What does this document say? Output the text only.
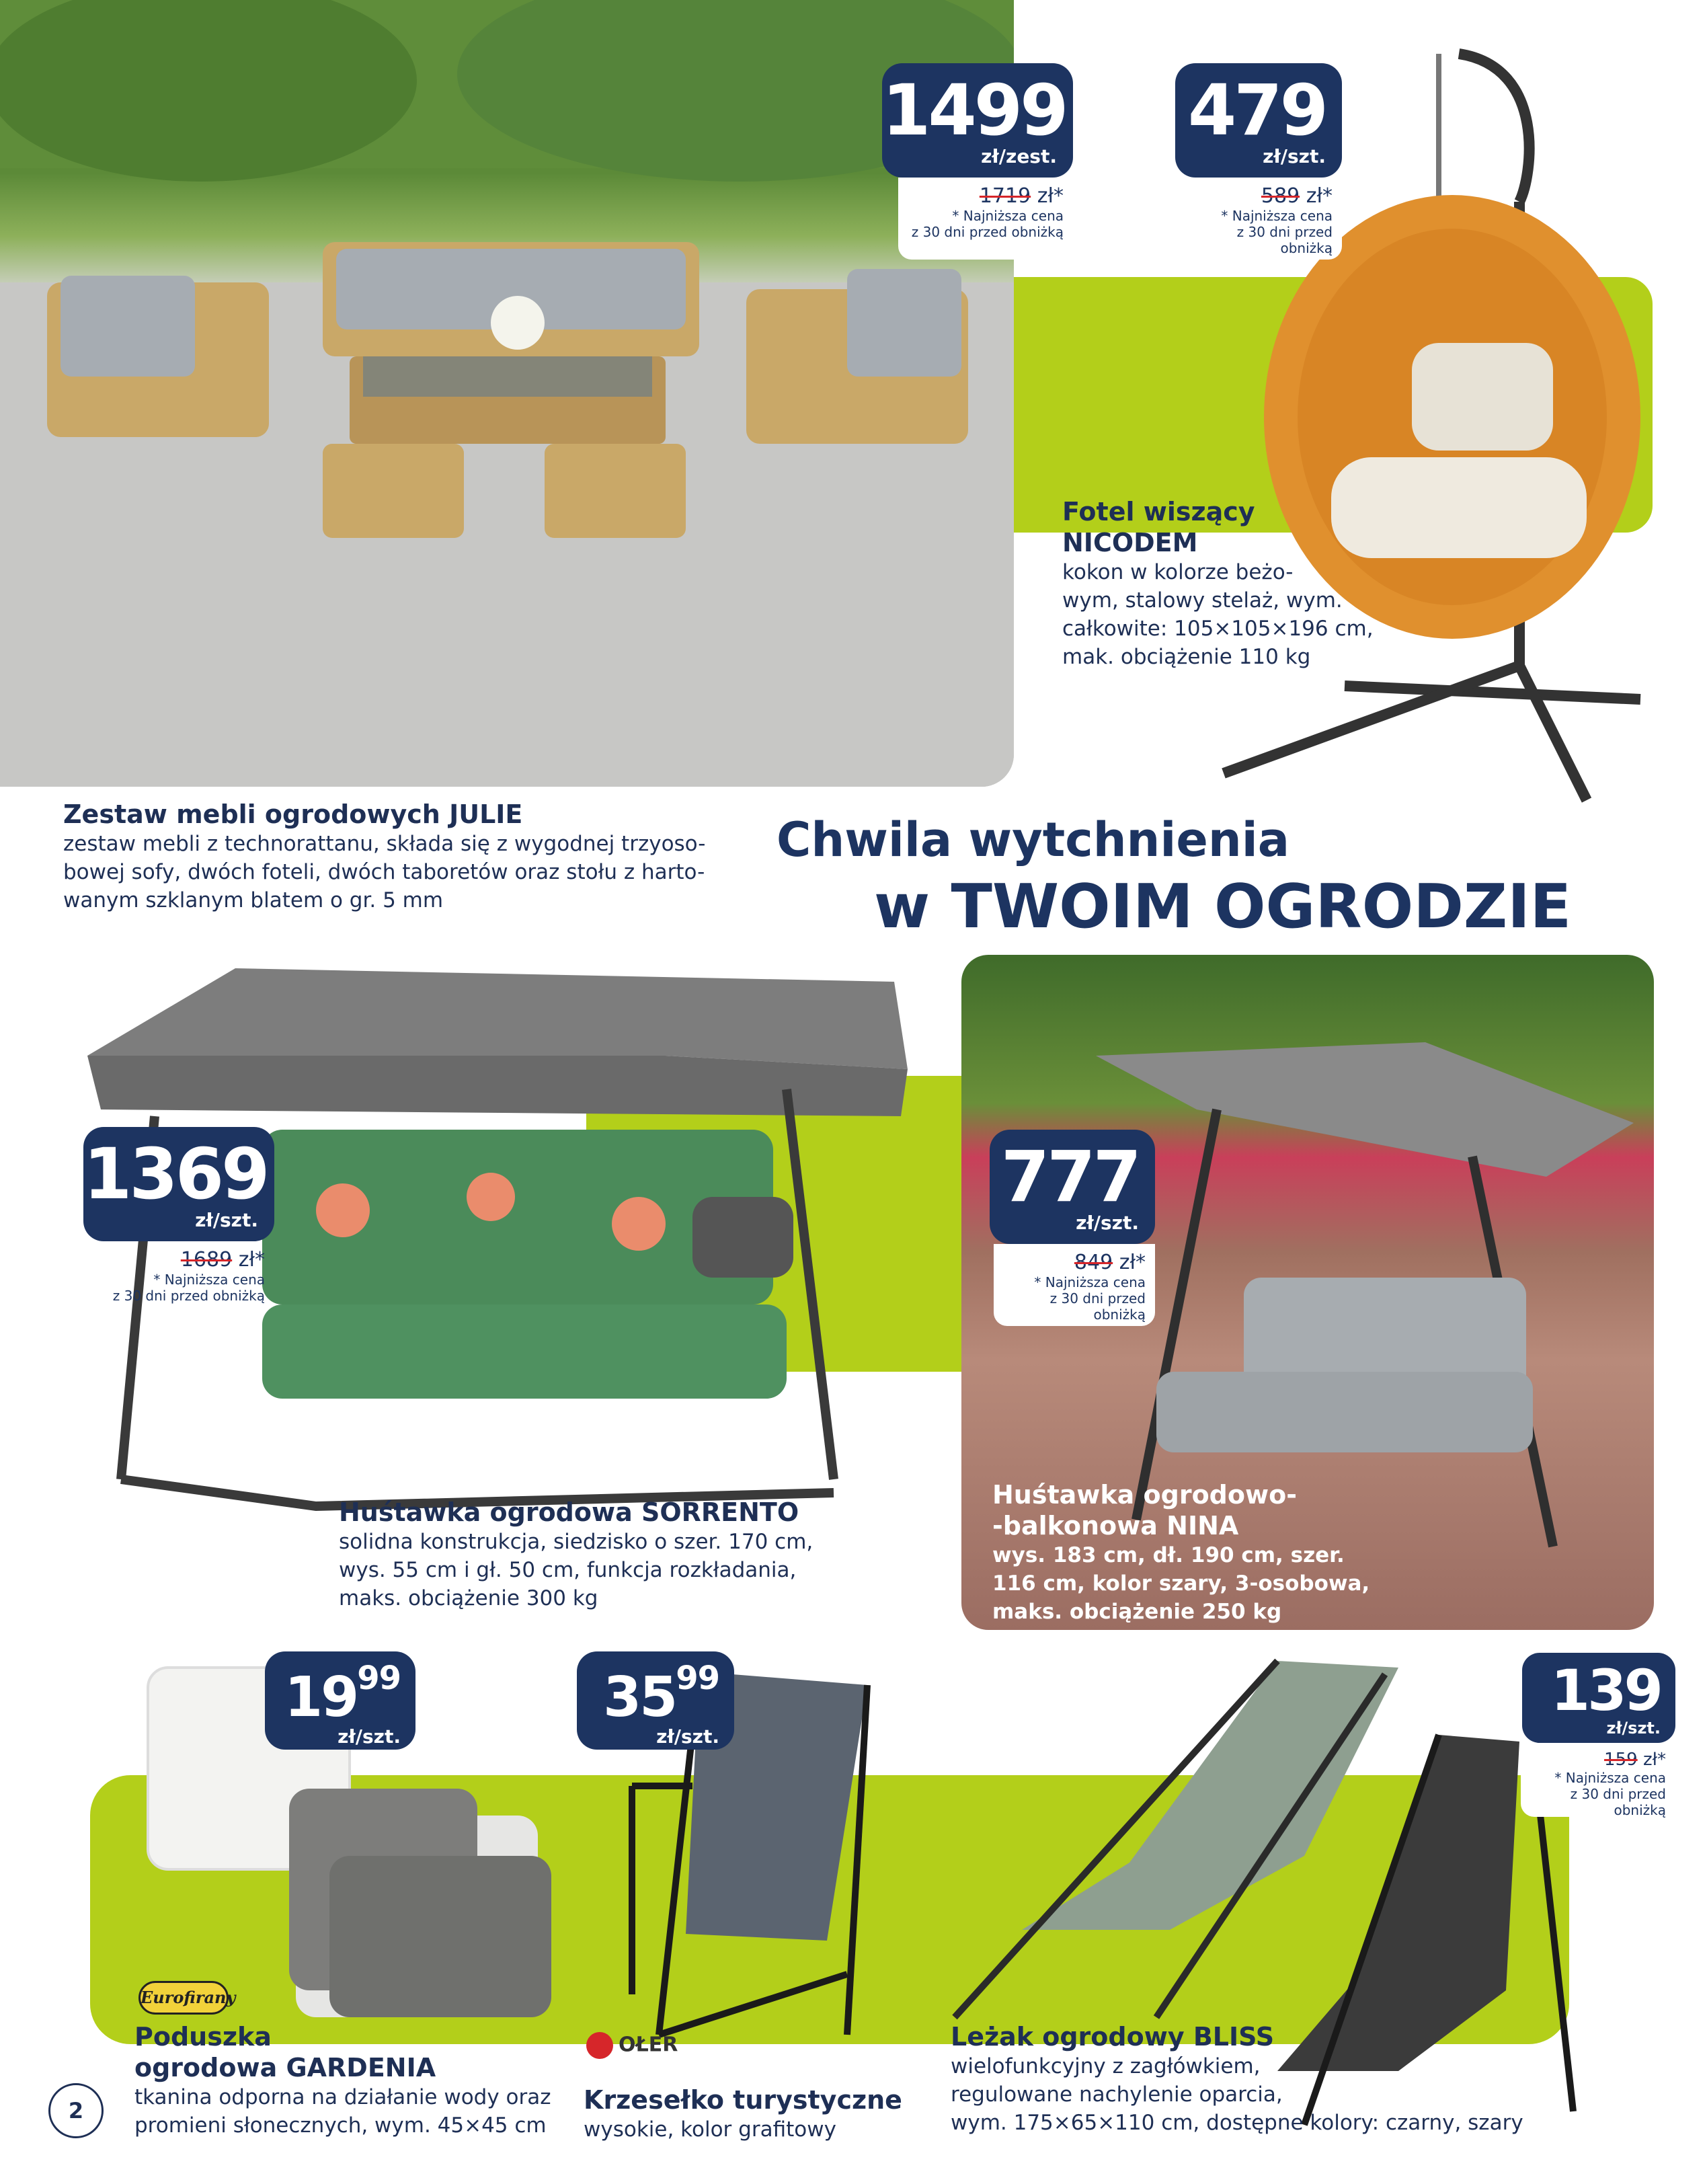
1499
zł/zest.
1719 zł*
* Najniższa cena
z 30 dni przed obniżką
479
zł/szt.
589 zł*
* Najniższa cena
z 30 dni przed obniżką
Fotel wiszący
NICODEM
kokon w kolorze beżo-
wym, stalowy stelaż, wym.
całkowite: 105×105×196 cm,
mak. obciążenie 110 kg
Zestaw mebli ogrodowych JULIE
zestaw mebli z technorattanu, składa się z wygodnej trzyoso-
bowej sofy, dwóch foteli, dwóch taboretów oraz stołu z harto-
wanym szklanym blatem o gr. 5 mm
Chwila wytchnienia
w TWOIM OGRODZIE
1369
zł/szt.
1689 zł*
* Najniższa cena
z 30 dni przed obniżką
Huśtawka ogrodowa SORRENTO
solidna konstrukcja, siedzisko o szer. 170 cm,
wys. 55 cm i gł. 50 cm, funkcja rozkładania,
maks. obciążenie 300 kg
777
zł/szt.
849 zł*
* Najniższa cena
z 30 dni przed obniżką
Huśtawka ogrodowo-
-balkonowa NINA
wys. 183 cm, dł. 190 cm, szer.
116 cm, kolor szary, 3-osobowa,
maks. obciążenie 250 kg
$19^{99}$
zł/szt.
Eurofirany
Poduszka
ogrodowa GARDENIA
tkanina odporna na działanie wody oraz
promieni słonecznych, wym. 45×45 cm
$35^{99}$
zł/szt.
OŁER
Krzesełko turystyczne
wysokie, kolor grafitowy
139
zł/szt.
159 zł*
* Najniższa cena
z 30 dni przed obniżką
Leżak ogrodowy BLISS
wielofunkcyjny z zagłówkiem,
regulowane nachylenie oparcia,
wym. 175×65×110 cm, dostępne kolory: czarny, szary
2
